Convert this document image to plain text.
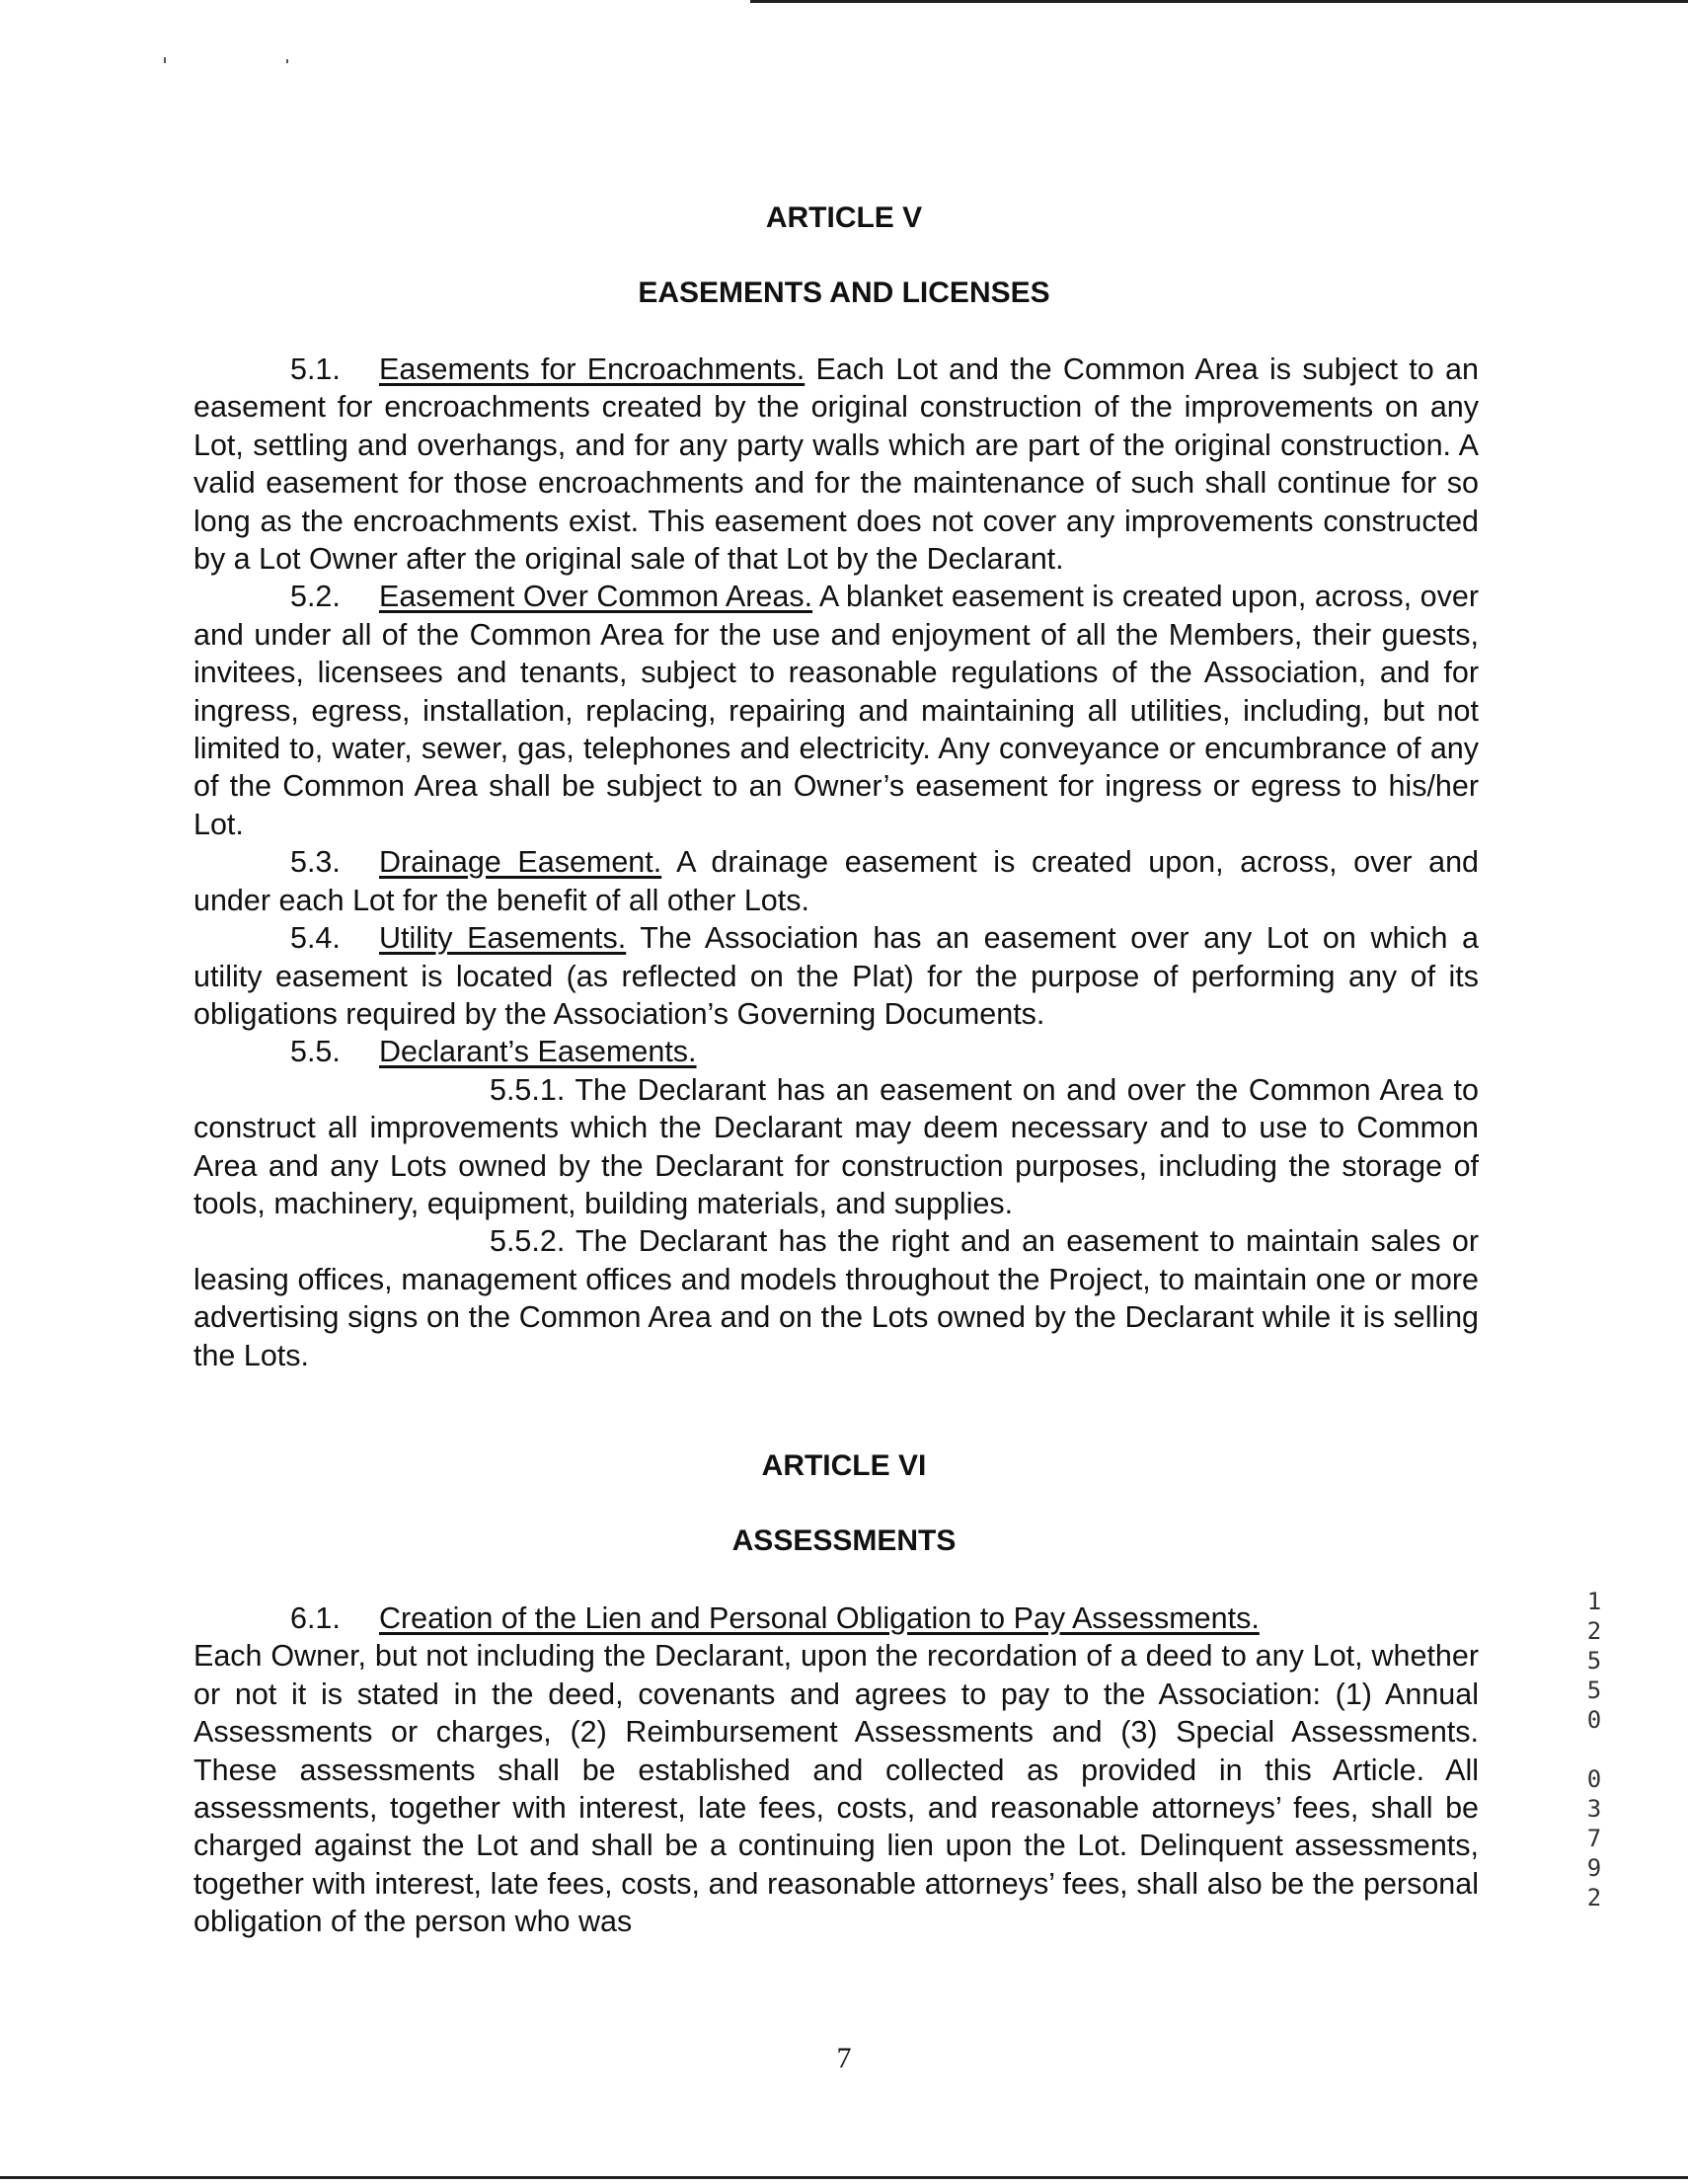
ARTICLE V
EASEMENTS AND LICENSES

5.1. Easements for Encroachments. Each Lot and the Common Area is subject to an easement for encroachments created by the original construction of the improvements on any Lot, settling and overhangs, and for any party walls which are part of the original construction. A valid easement for those encroachments and for the maintenance of such shall continue for so long as the encroachments exist. This easement does not cover any improvements constructed by a Lot Owner after the original sale of that Lot by the Declarant.

5.2. Easement Over Common Areas. A blanket easement is created upon, across, over and under all of the Common Area for the use and enjoyment of all the Members, their guests, invitees, licensees and tenants, subject to reasonable regulations of the Association, and for ingress, egress, installation, replacing, repairing and maintaining all utilities, including, but not limited to, water, sewer, gas, telephones and electricity. Any conveyance or encumbrance of any of the Common Area shall be subject to an Owner’s easement for ingress or egress to his/her Lot.

5.3. Drainage Easement. A drainage easement is created upon, across, over and under each Lot for the benefit of all other Lots.

5.4. Utility Easements. The Association has an easement over any Lot on which a utility easement is located (as reflected on the Plat) for the purpose of performing any of its obligations required by the Association’s Governing Documents.

5.5. Declarant’s Easements.

5.5.1. The Declarant has an easement on and over the Common Area to construct all improvements which the Declarant may deem necessary and to use to Common Area and any Lots owned by the Declarant for construction purposes, including the storage of tools, machinery, equipment, building materials, and supplies.

5.5.2. The Declarant has the right and an easement to maintain sales or leasing offices, management offices and models throughout the Project, to maintain one or more advertising signs on the Common Area and on the Lots owned by the Declarant while it is selling the Lots.

ARTICLE VI
ASSESSMENTS

6.1. Creation of the Lien and Personal Obligation to Pay Assessments.

Each Owner, but not including the Declarant, upon the recordation of a deed to any Lot, whether or not it is stated in the deed, covenants and agrees to pay to the Association: (1) Annual Assessments or charges, (2) Reimbursement Assessments and (3) Special Assessments. These assessments shall be established and collected as provided in this Article. All assessments, together with interest, late fees, costs, and reasonable attorneys’ fees, shall be charged against the Lot and shall be a continuing lien upon the Lot. Delinquent assessments, together with interest, late fees, costs, and reasonable attorneys’ fees, shall also be the personal obligation of the person who was

12550 03792
7
